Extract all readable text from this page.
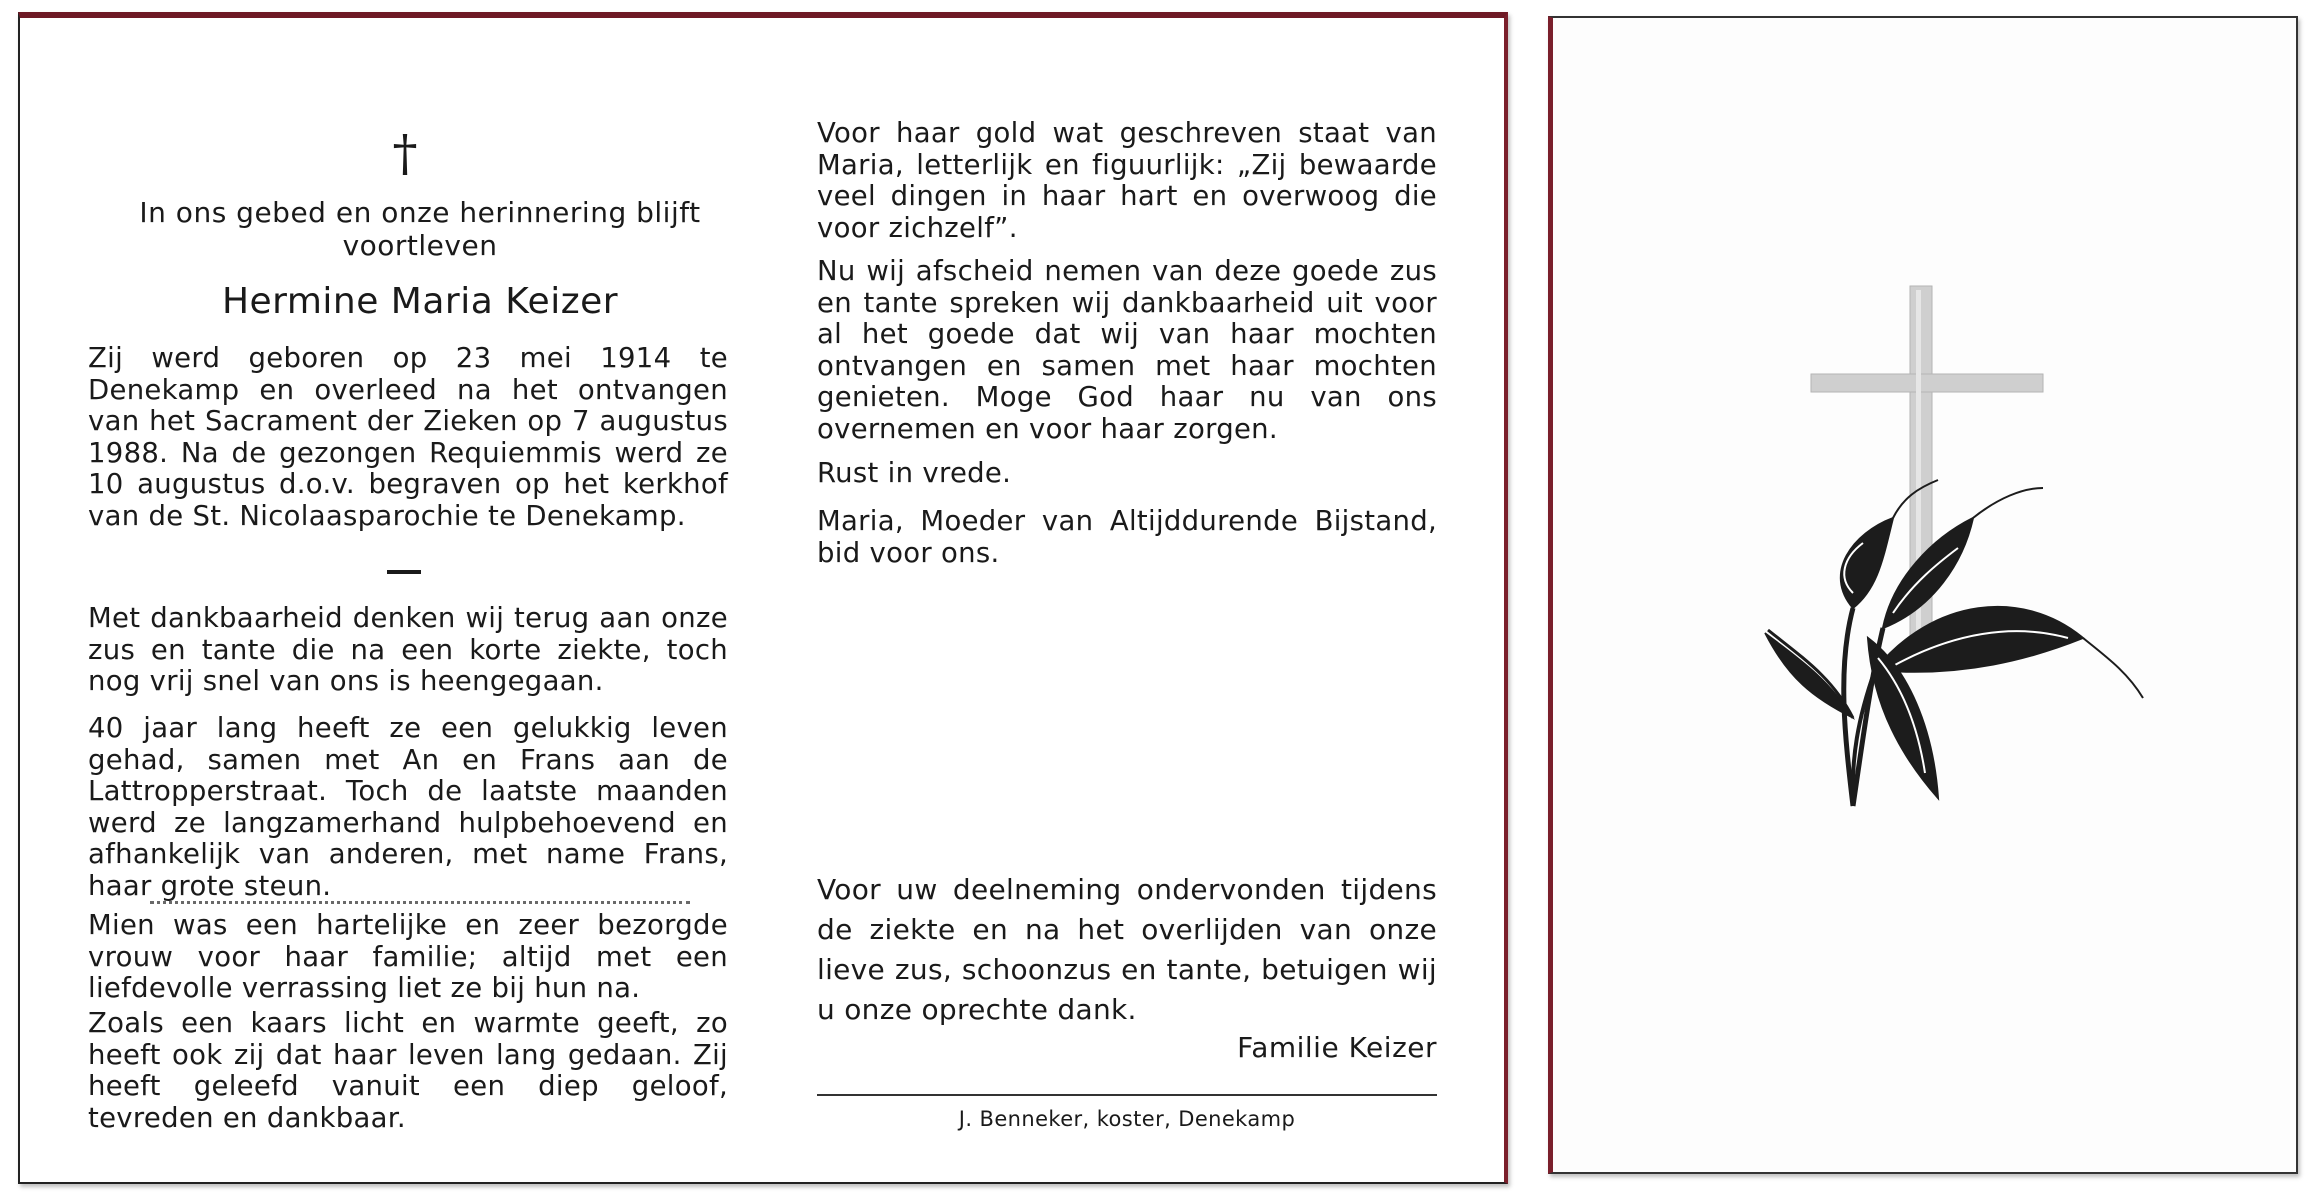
†
In ons gebed en onze herinnering blijft voortleven
Hermine Maria Keizer

Zij werd geboren op 23 mei 1914 te Denekamp en overleed na het ontvangen van het Sacrament der Zieken op 7 augustus 1988. Na de gezongen Requiemmis werd ze 10 augustus d.o.v. begraven op het kerkhof van de St. Nicolaasparochie te Denekamp.

Met dankbaarheid denken wij terug aan onze zus en tante die na een korte ziekte, toch nog vrij snel van ons is heengegaan.

40 jaar lang heeft ze een gelukkig leven gehad, samen met An en Frans aan de Lattropperstraat. Toch de laatste maanden werd ze langzamerhand hulpbehoevend en afhankelijk van anderen, met name Frans, haar grote steun.

Mien was een hartelijke en zeer bezorgde vrouw voor haar familie; altijd met een liefdevolle verrassing liet ze bij hun na.

Zoals een kaars licht en warmte geeft, zo heeft ook zij dat haar leven lang gedaan. Zij heeft geleefd vanuit een diep geloof, tevreden en dankbaar.

Voor haar gold wat geschreven staat van Maria, letterlijk en figuurlijk: „Zij bewaarde veel dingen in haar hart en overwoog die voor zichzelf”.

Nu wij afscheid nemen van deze goede zus en tante spreken wij dankbaarheid uit voor al het goede dat wij van haar mochten ontvangen en samen met haar mochten genieten. Moge God haar nu van ons overnemen en voor haar zorgen.

Rust in vrede.

Maria, Moeder van Altijddurende Bijstand, bid voor ons.

Voor uw deelneming ondervonden tijdens de ziekte en na het overlijden van onze lieve zus, schoonzus en tante, betuigen wij u onze oprechte dank.

Familie Keizer
J. Benneker, koster, Denekamp
